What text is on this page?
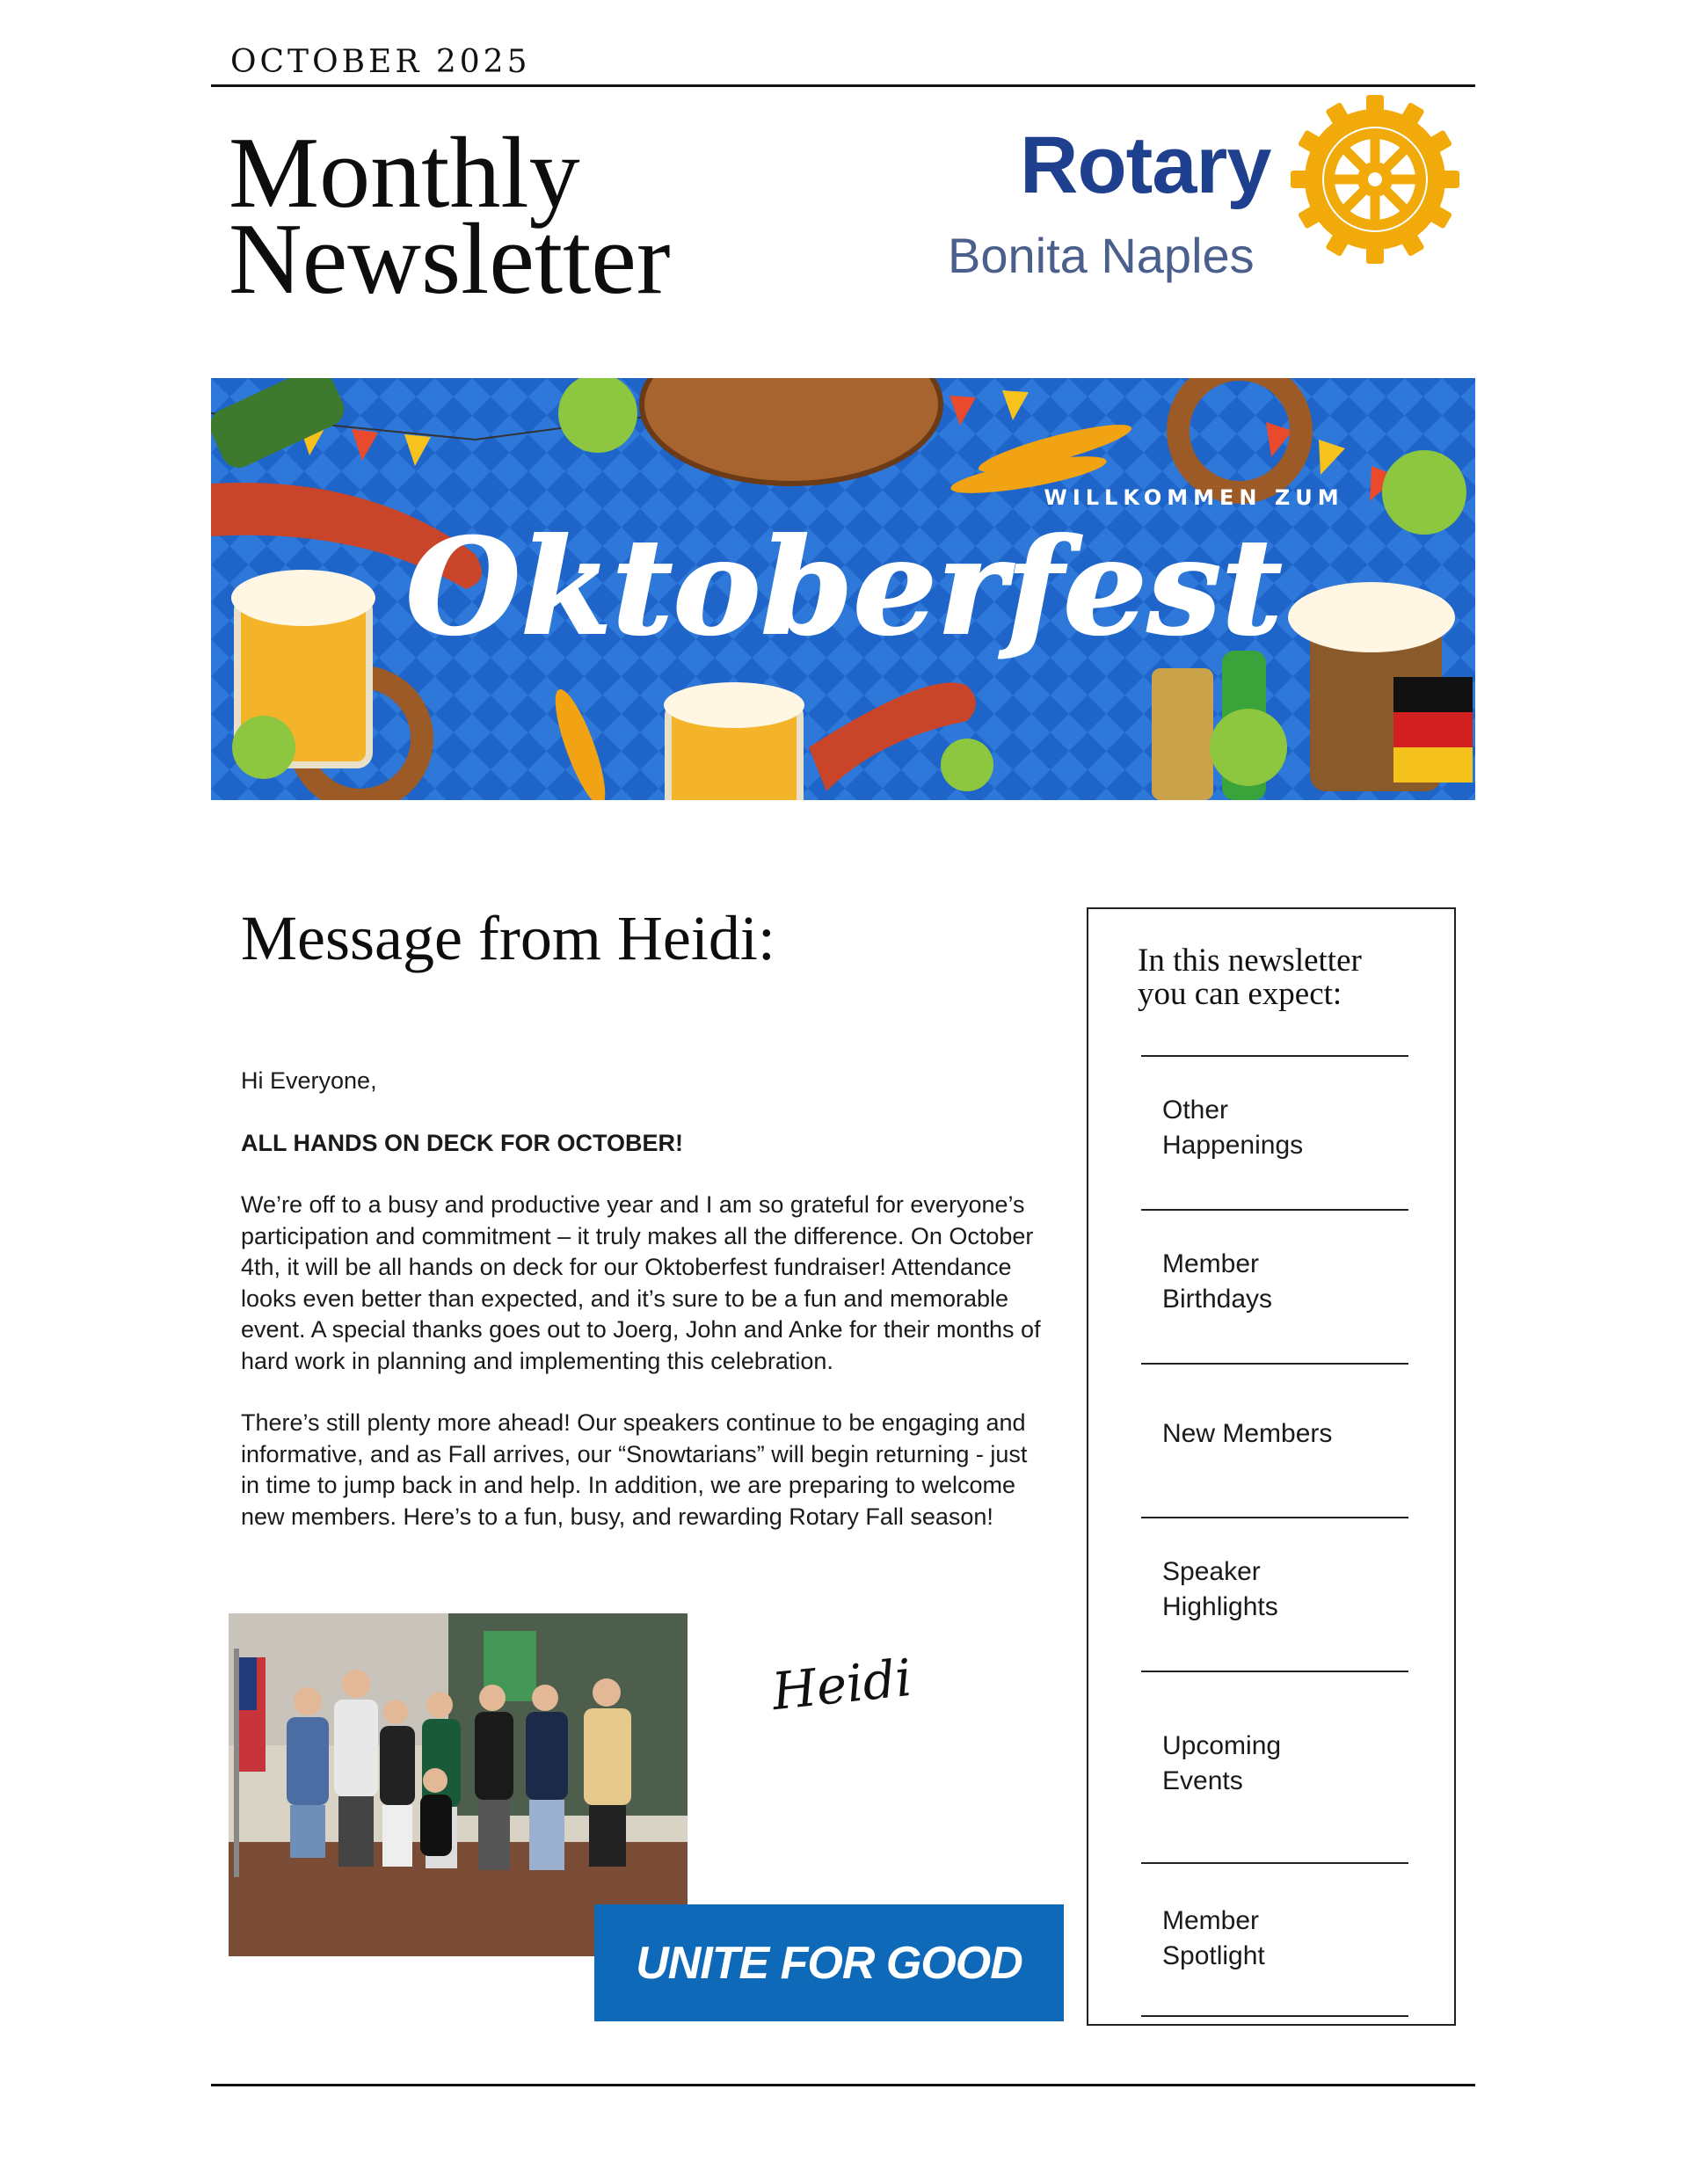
OCTOBER 2025
Monthly
Newsletter
Rotary
Bonita Naples
WILLKOMMEN ZUM
Oktoberfest
Message from Heidi:

Hi Everyone,

ALL HANDS ON DECK FOR OCTOBER!

We’re off to a busy and productive year and I am so grateful for everyone’s participation and commitment – it truly makes all the difference. On October 4th, it will be all hands on deck for our Oktoberfest fundraiser! Attendance looks even better than expected, and it’s sure to be a fun and memorable event. A special thanks goes out to Joerg, John and Anke for their months of hard work in planning and implementing this celebration.

There’s still plenty more ahead! Our speakers continue to be engaging and informative, and as Fall arrives, our “Snowtarians” will begin returning - just in time to jump back in and help. In addition, we are preparing to welcome new members. Here’s to a fun, busy, and rewarding Rotary Fall season!

Heidi
UNITE FOR GOOD
In this newsletter
you can expect:
Other
Happenings
Member
Birthdays
New Members
Speaker
Highlights
Upcoming
Events
Member
Spotlight
